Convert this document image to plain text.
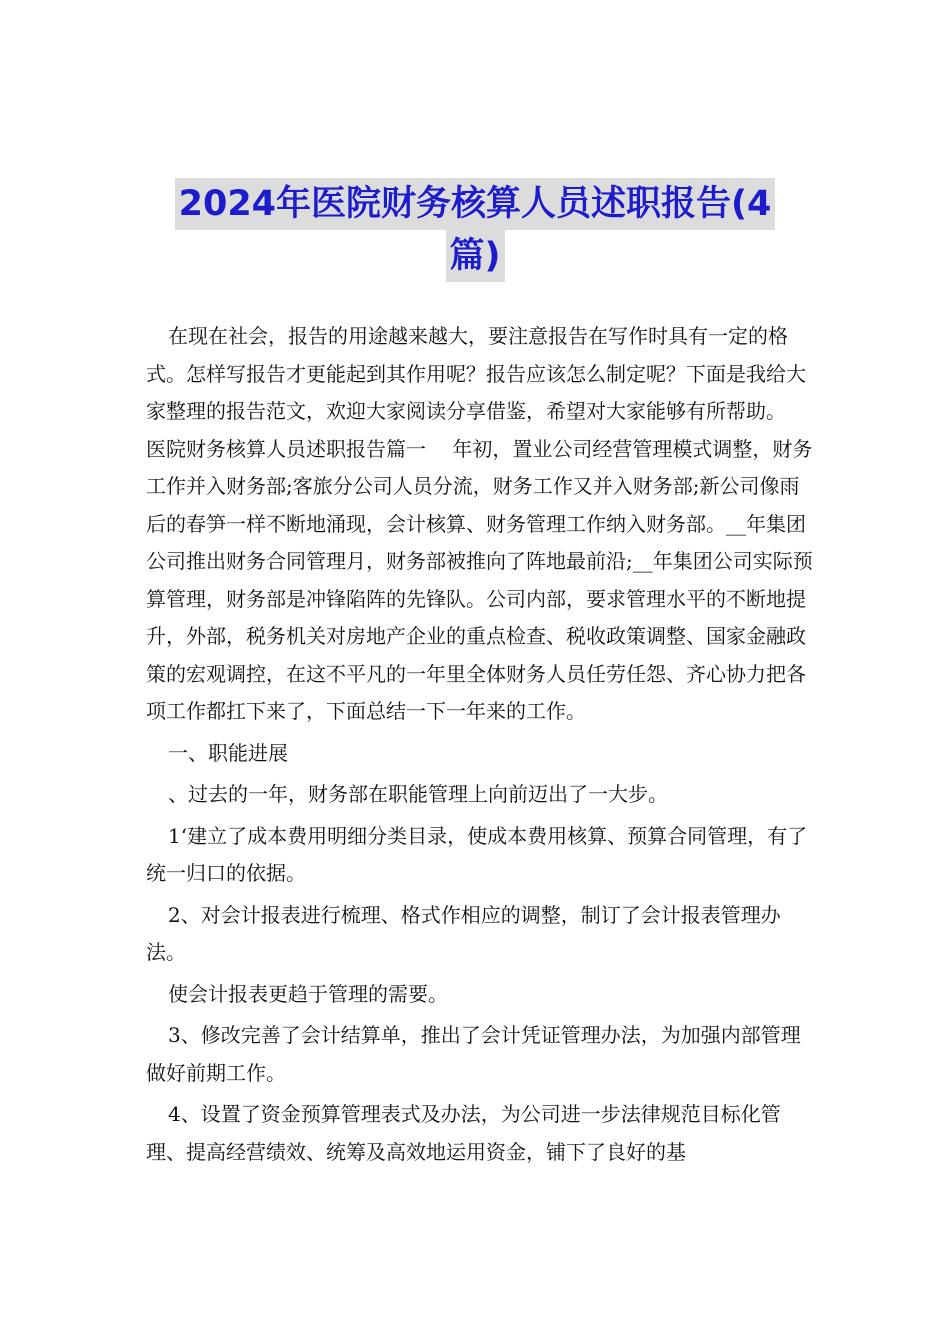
2024年医院财务核算人员述职报告(4
篇)

在现在社会，报告的用途越来越大，要注意报告在写作时具有一定的格式。怎样写报告才更能起到其作用呢？报告应该怎么制定呢？下面是我给大家整理的报告范文，欢迎大家阅读分享借鉴，希望对大家能够有所帮助。

医院财务核算人员述职报告篇一　 年初，置业公司经营管理模式调整，财务工作并入财务部;客旅分公司人员分流，财务工作又并入财务部;新公司像雨后的春笋一样不断地涌现，会计核算、财务管理工作纳入财务部。__年集团公司推出财务合同管理月，财务部被推向了阵地最前沿;__年集团公司实际预算管理，财务部是冲锋陷阵的先锋队。公司内部，要求管理水平的不断地提升，外部，税务机关对房地产企业的重点检查、税收政策调整、国家金融政策的宏观调控，在这不平凡的一年里全体财务人员任劳任怨、齐心协力把各项工作都扛下来了，下面总结一下一年来的工作。

一、职能进展

、过去的一年，财务部在职能管理上向前迈出了一大步。

1‘建立了成本费用明细分类目录，使成本费用核算、预算合同管理，有了统一归口的依据。

2、对会计报表进行梳理、格式作相应的调整，制订了会计报表管理办法。

使会计报表更趋于管理的需要。

3、修改完善了会计结算单，推出了会计凭证管理办法，为加强内部管理做好前期工作。

4、设置了资金预算管理表式及办法，为公司进一步法律规范目标化管理、提高经营绩效、统筹及高效地运用资金，铺下了良好的基
